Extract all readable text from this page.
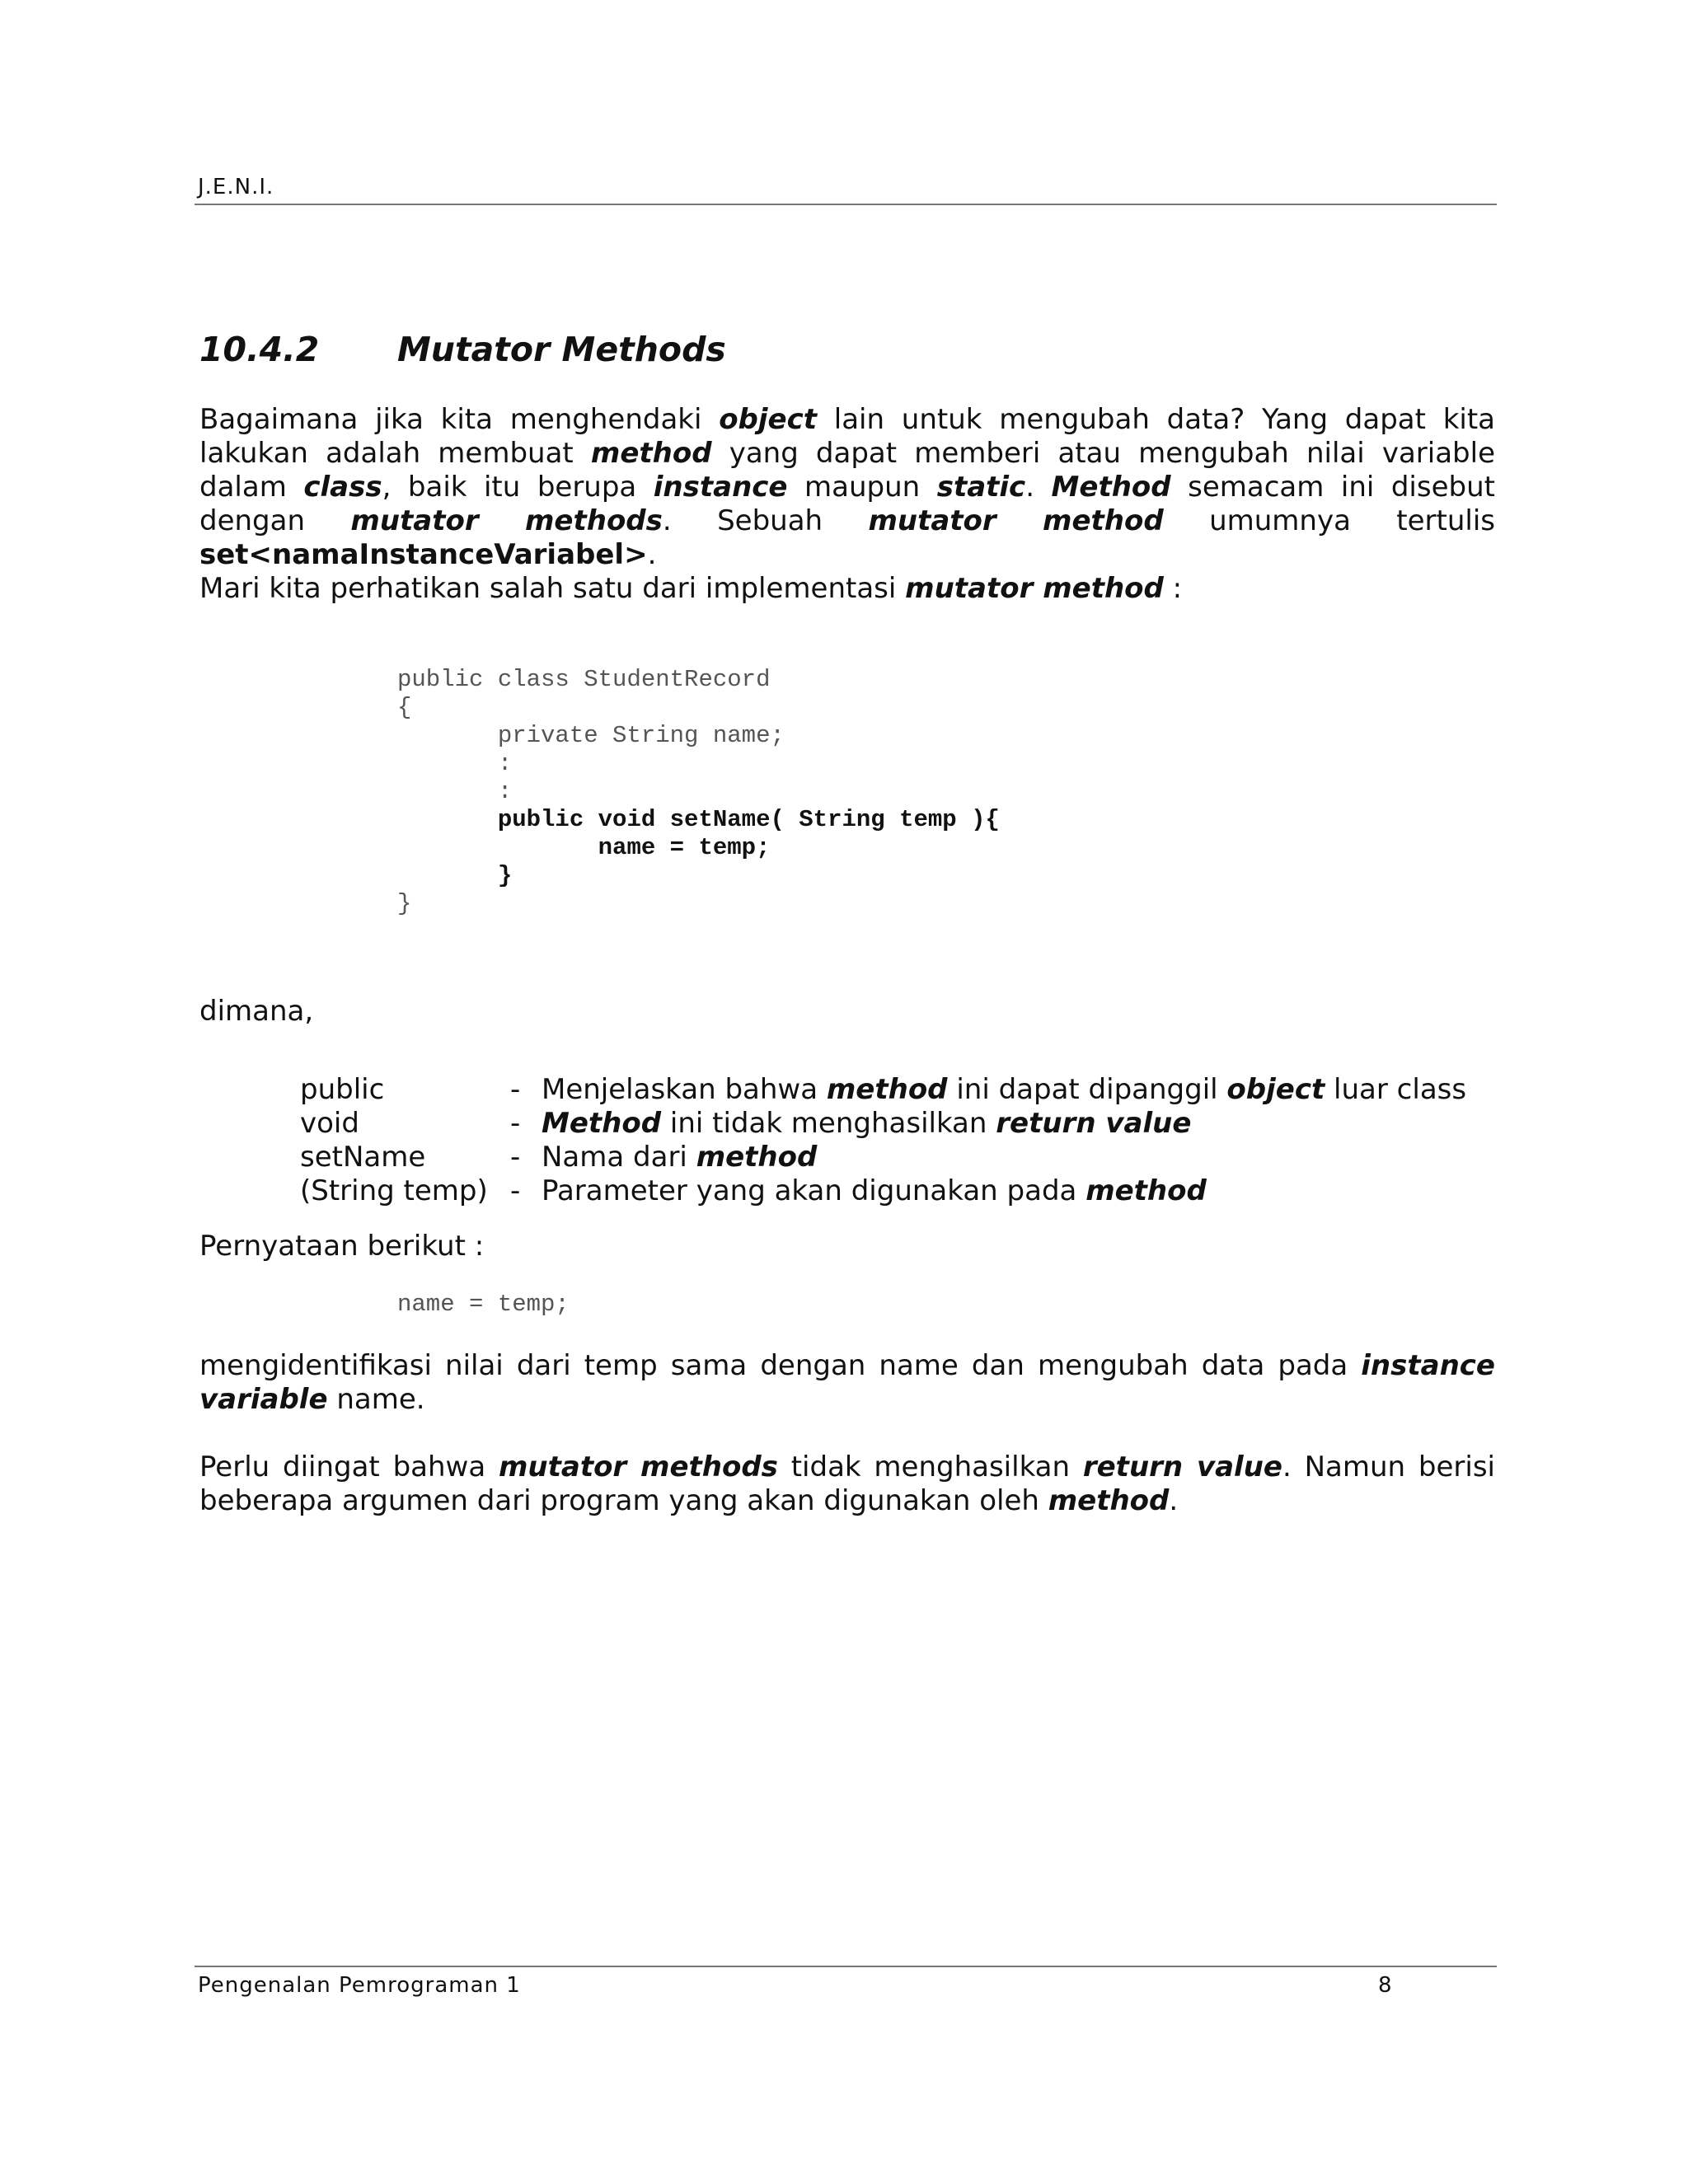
J.E.N.I.
10.4.2 Mutator Methods
Bagaimana jika kita menghendaki object lain untuk mengubah data? Yang dapat kita lakukan adalah membuat method yang dapat memberi atau mengubah nilai variable dalam class, baik itu berupa instance maupun static. Method semacam ini disebut dengan mutator methods. Sebuah mutator method umumnya tertulis set<namaInstanceVariabel>.
Mari kita perhatikan salah satu dari implementasi mutator method :
public class StudentRecord
{
private String name;
:
:
public void setName( String temp ){
name = temp;
}
}
dimana,
public	- Menjelaskan bahwa method ini dapat dipanggil object luar class
void	- Method ini tidak menghasilkan return value
setName	- Nama dari method
(String temp) - Parameter yang akan digunakan pada method
Pernyataan berikut :
name = temp;
mengidentifikasi nilai dari temp sama dengan name dan mengubah data pada instance variable name.
Perlu diingat bahwa mutator methods tidak menghasilkan return value. Namun berisi beberapa argumen dari program yang akan digunakan oleh method.
Pengenalan Pemrograman 1	8
